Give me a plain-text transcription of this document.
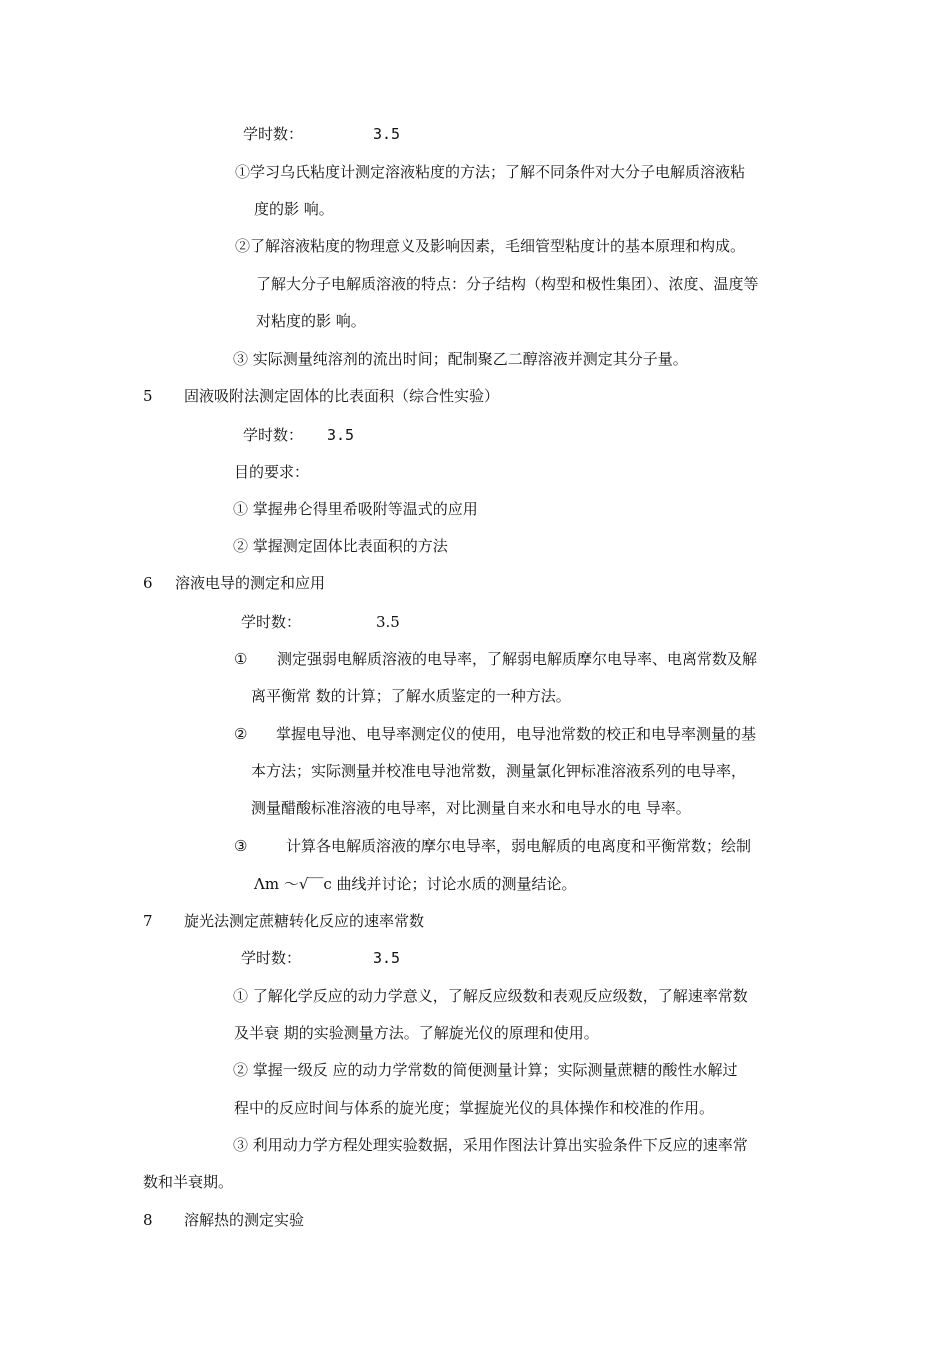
学时数：	3.5
①学习乌氏粘度计测定溶液粘度的方法；了解不同条件对大分子电解质溶液粘
度的影 响。
②了解溶液粘度的物理意义及影响因素，毛细管型粘度计的基本原理和构成。
了解大分子电解质溶液的特点：分子结构（构型和极性集团）、浓度、温度等
对粘度的影 响。
③ 实际测量纯溶剂的流出时间；配制聚乙二醇溶液并测定其分子量。
5 固液吸附法测定固体的比表面积（综合性实验）
学时数： 3.5
目的要求：
① 掌握弗仑得里希吸附等温式的应用
② 掌握测定固体比表面积的方法
6 溶液电导的测定和应用
学时数：	3.5
① 测定强弱电解质溶液的电导率，了解弱电解质摩尔电导率、电离常数及解
离平衡常 数的计算；了解水质鉴定的一种方法。
② 掌握电导池、电导率测定仪的使用，电导池常数的校正和电导率测量的基
本方法；实际测量并校准电导池常数，测量氯化钾标准溶液系列的电导率，
测量醋酸标准溶液的电导率，对比测量自来水和电导水的电 导率。
③	计算各电解质溶液的摩尔电导率，弱电解质的电离度和平衡常数；绘制
Λm ～√‾‾c 曲线并讨论；讨论水质的测量结论。
7 旋光法测定蔗糖转化反应的速率常数
学时数：	3.5
① 了解化学反应的动力学意义，了解反应级数和表观反应级数，了解速率常数
及半衰 期的实验测量方法。了解旋光仪的原理和使用。
② 掌握一级反 应的动力学常数的简便测量计算；实际测量蔗糖的酸性水解过
程中的反应时间与体系的旋光度；掌握旋光仪的具体操作和校准的作用。
③ 利用动力学方程处理实验数据，采用作图法计算出实验条件下反应的速率常
数和半衰期。
8 溶解热的测定实验
